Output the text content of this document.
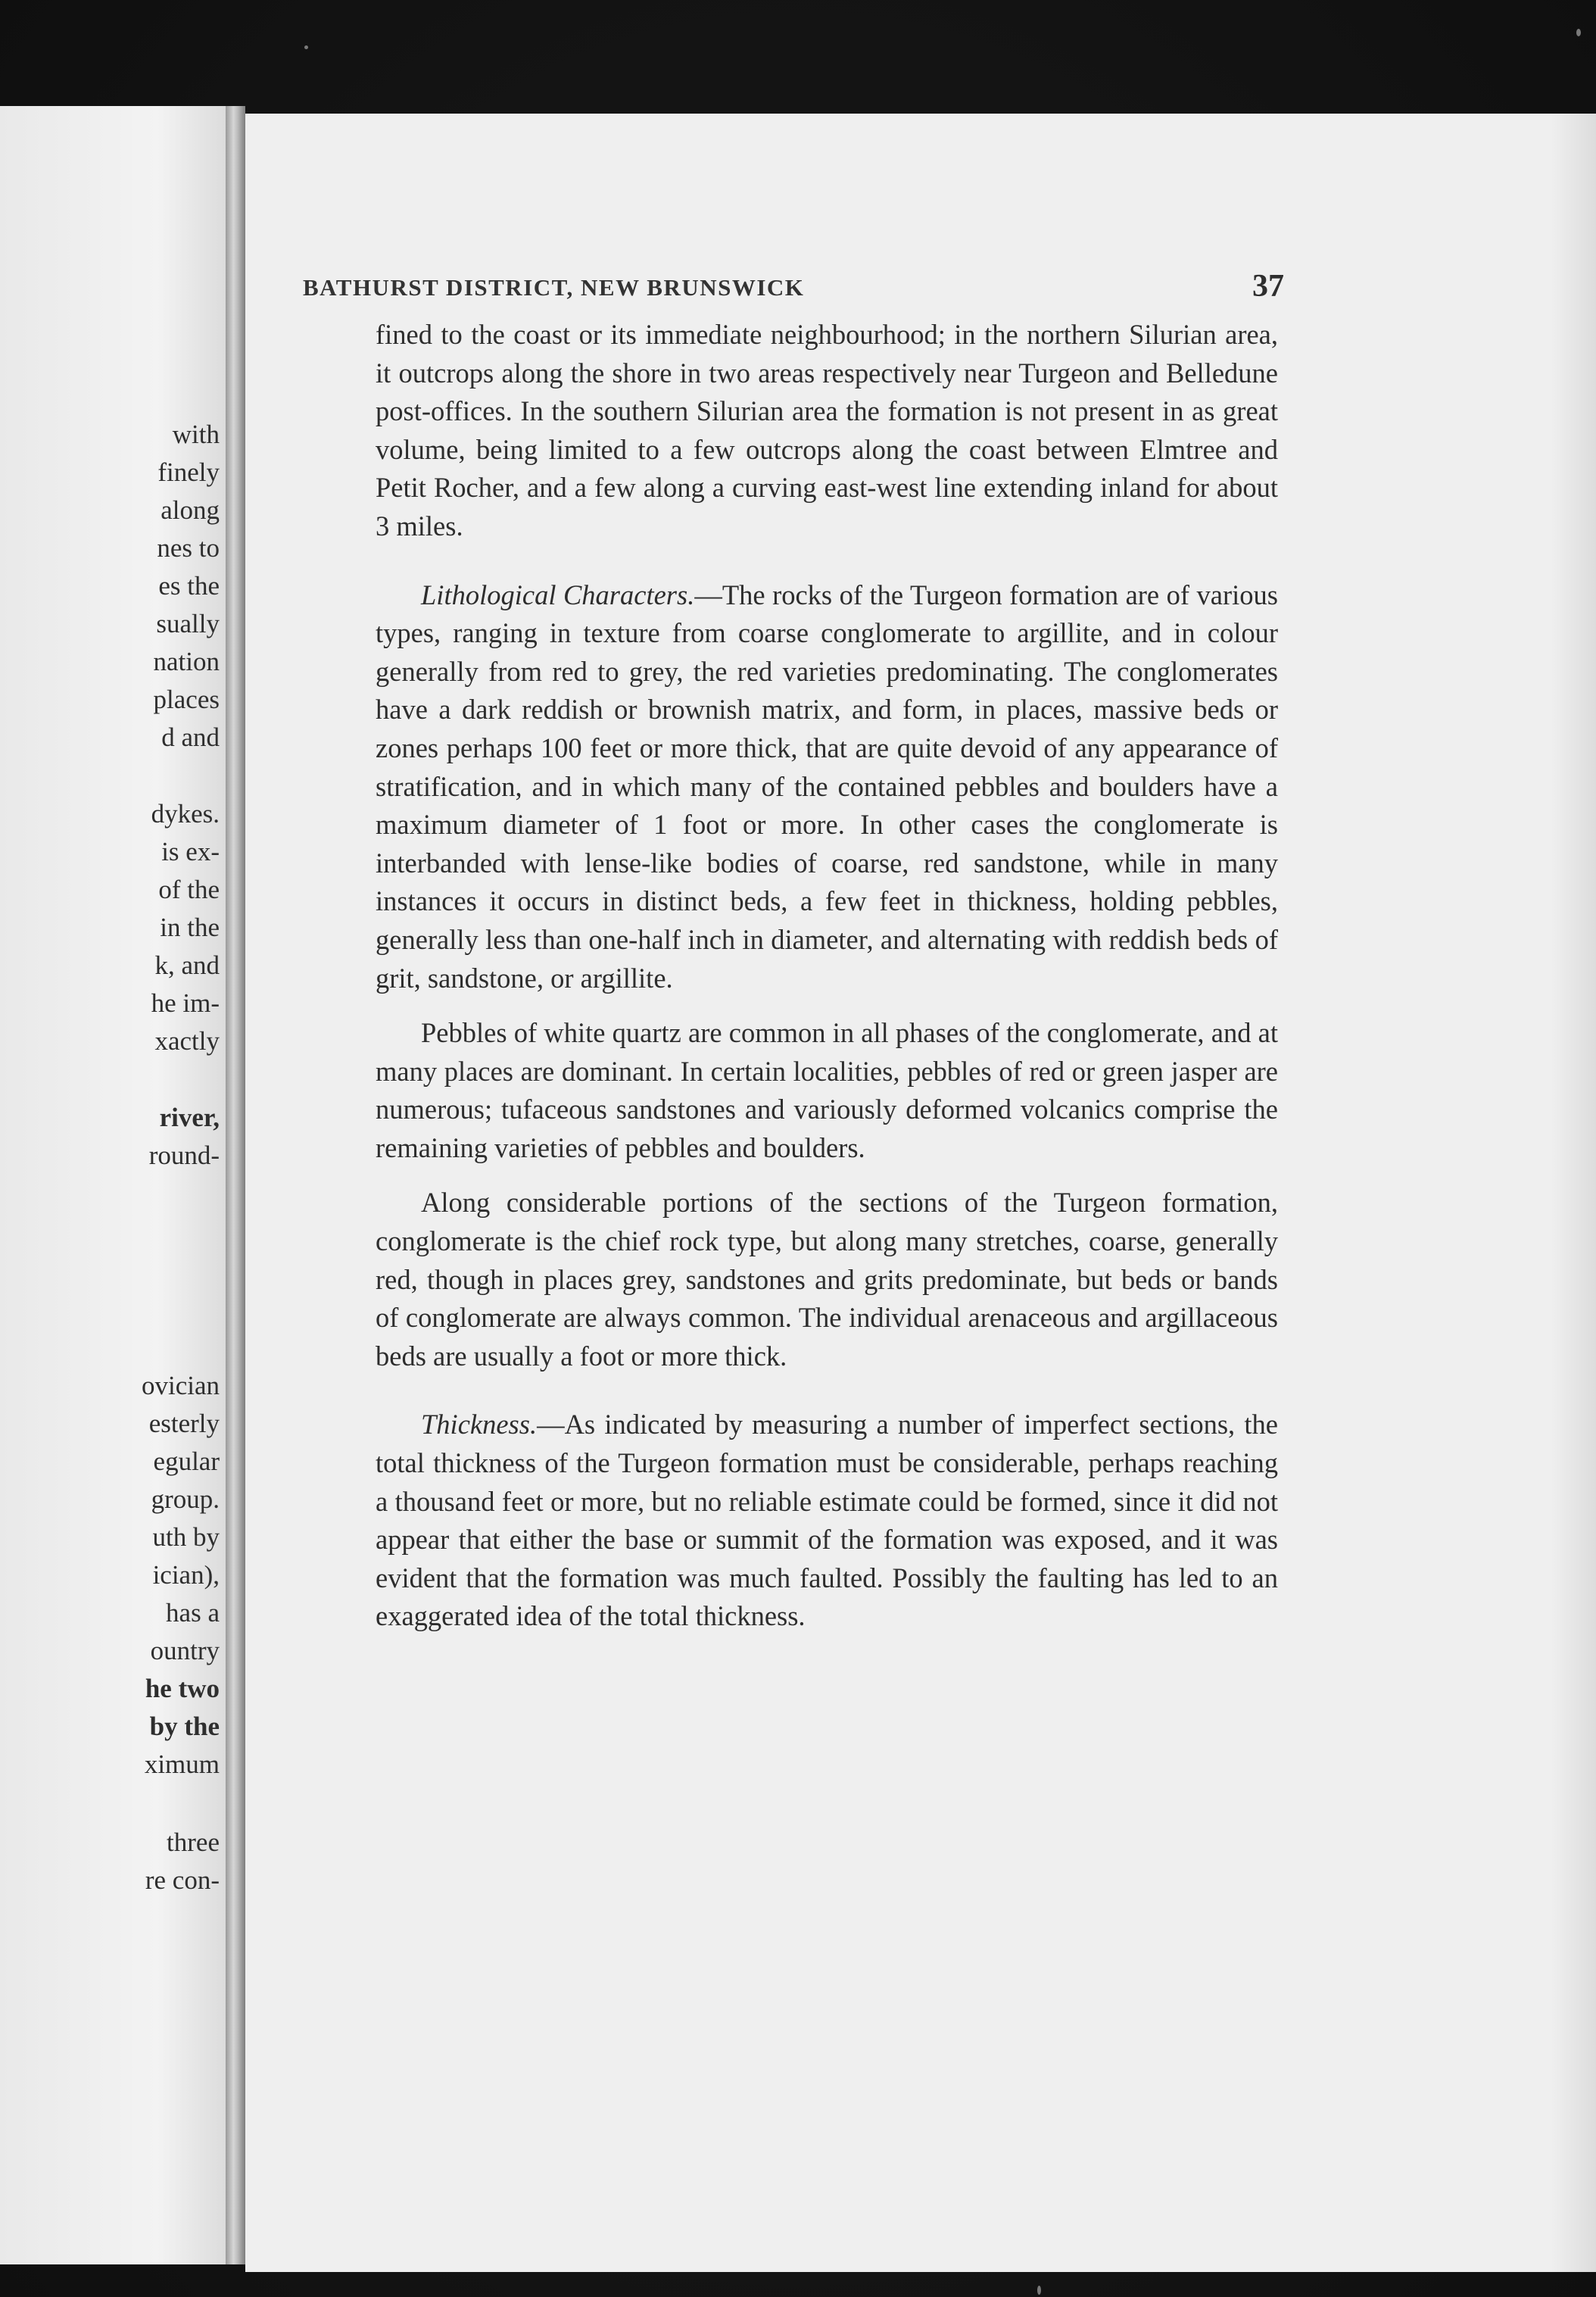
with
finely
along
nes to
es the
sually
nation
places
d and
dykes.
is ex-
of the
in the
k, and
he im-
xactly
river,
round-
ovician
esterly
egular
group.
uth by
ician),
has a
ountry
he two
by the
ximum
three
re con-
BATHURST DISTRICT, NEW BRUNSWICK	37

fined to the coast or its immediate neighbourhood; in the northern Silurian area, it outcrops along the shore in two areas respectively near Turgeon and Belledune post-offices. In the southern Silurian area the formation is not present in as great volume, being limited to a few outcrops along the coast between Elmtree and Petit Rocher, and a few along a curving east-west line extending inland for about 3 miles.

Lithological Characters.—The rocks of the Turgeon formation are of various types, ranging in texture from coarse conglomerate to argillite, and in colour generally from red to grey, the red varieties predominating. The conglomerates have a dark reddish or brownish matrix, and form, in places, massive beds or zones perhaps 100 feet or more thick, that are quite devoid of any appearance of stratification, and in which many of the contained pebbles and boulders have a maximum diameter of 1 foot or more. In other cases the conglomerate is interbanded with lense-like bodies of coarse, red sandstone, while in many instances it occurs in distinct beds, a few feet in thickness, holding pebbles, generally less than one-half inch in diameter, and alternating with reddish beds of grit, sandstone, or argillite.

Pebbles of white quartz are common in all phases of the conglomerate, and at many places are dominant. In certain localities, pebbles of red or green jasper are numerous; tufaceous sandstones and variously deformed volcanics comprise the remaining varieties of pebbles and boulders.

Along considerable portions of the sections of the Turgeon formation, conglomerate is the chief rock type, but along many stretches, coarse, generally red, though in places grey, sandstones and grits predominate, but beds or bands of conglomerate are always common. The individual arenaceous and argillaceous beds are usually a foot or more thick.

Thickness.—As indicated by measuring a number of imperfect sections, the total thickness of the Turgeon formation must be considerable, perhaps reaching a thousand feet or more, but no reliable estimate could be formed, since it did not appear that either the base or summit of the formation was exposed, and it was evident that the formation was much faulted. Possibly the faulting has led to an exaggerated idea of the total thickness.
